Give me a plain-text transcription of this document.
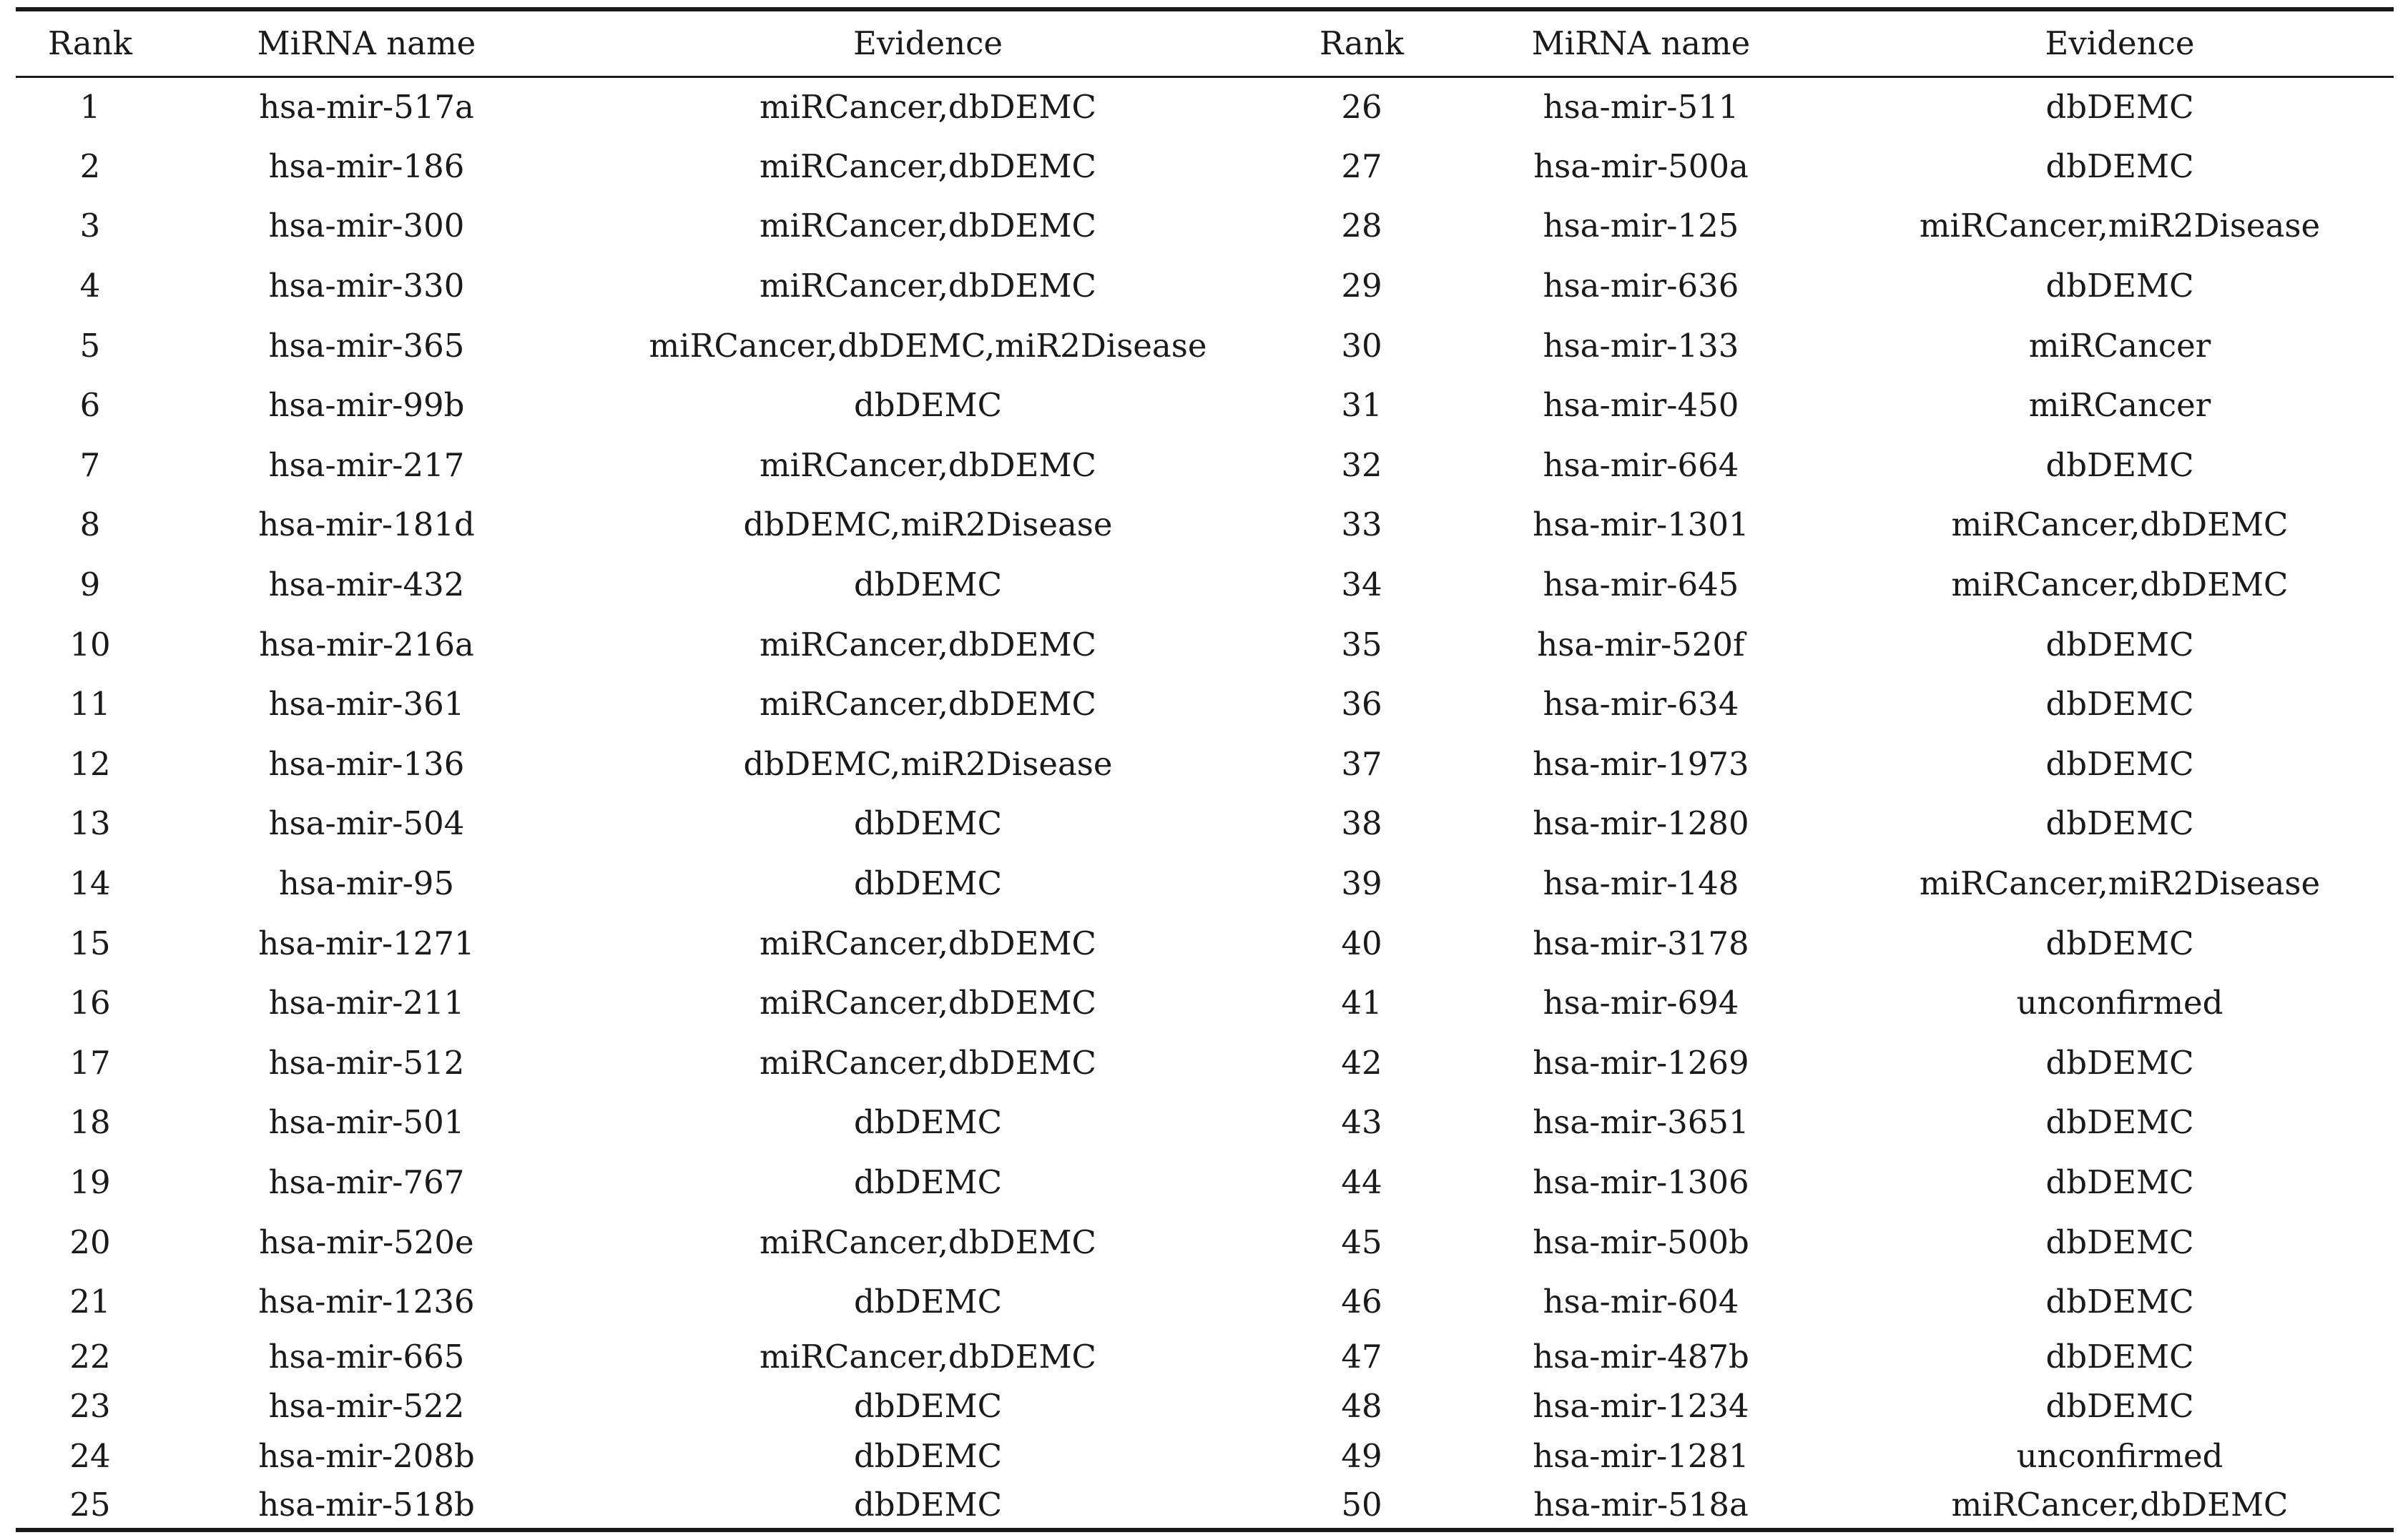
Rank	MiRNA name	Evidence	Rank	MiRNA name	Evidence
1	hsa-mir-517a	miRCancer,dbDEMC	26	hsa-mir-511	dbDEMC
2	hsa-mir-186	miRCancer,dbDEMC	27	hsa-mir-500a	dbDEMC
3	hsa-mir-300	miRCancer,dbDEMC	28	hsa-mir-125	miRCancer,miR2Disease
4	hsa-mir-330	miRCancer,dbDEMC	29	hsa-mir-636	dbDEMC
5	hsa-mir-365	miRCancer,dbDEMC,miR2Disease	30	hsa-mir-133	miRCancer
6	hsa-mir-99b	dbDEMC	31	hsa-mir-450	miRCancer
7	hsa-mir-217	miRCancer,dbDEMC	32	hsa-mir-664	dbDEMC
8	hsa-mir-181d	dbDEMC,miR2Disease	33	hsa-mir-1301	miRCancer,dbDEMC
9	hsa-mir-432	dbDEMC	34	hsa-mir-645	miRCancer,dbDEMC
10	hsa-mir-216a	miRCancer,dbDEMC	35	hsa-mir-520f	dbDEMC
11	hsa-mir-361	miRCancer,dbDEMC	36	hsa-mir-634	dbDEMC
12	hsa-mir-136	dbDEMC,miR2Disease	37	hsa-mir-1973	dbDEMC
13	hsa-mir-504	dbDEMC	38	hsa-mir-1280	dbDEMC
14	hsa-mir-95	dbDEMC	39	hsa-mir-148	miRCancer,miR2Disease
15	hsa-mir-1271	miRCancer,dbDEMC	40	hsa-mir-3178	dbDEMC
16	hsa-mir-211	miRCancer,dbDEMC	41	hsa-mir-694	unconfirmed
17	hsa-mir-512	miRCancer,dbDEMC	42	hsa-mir-1269	dbDEMC
18	hsa-mir-501	dbDEMC	43	hsa-mir-3651	dbDEMC
19	hsa-mir-767	dbDEMC	44	hsa-mir-1306	dbDEMC
20	hsa-mir-520e	miRCancer,dbDEMC	45	hsa-mir-500b	dbDEMC
21	hsa-mir-1236	dbDEMC	46	hsa-mir-604	dbDEMC
22	hsa-mir-665	miRCancer,dbDEMC	47	hsa-mir-487b	dbDEMC
23	hsa-mir-522	dbDEMC	48	hsa-mir-1234	dbDEMC
24	hsa-mir-208b	dbDEMC	49	hsa-mir-1281	unconfirmed
25	hsa-mir-518b	dbDEMC	50	hsa-mir-518a	miRCancer,dbDEMC
